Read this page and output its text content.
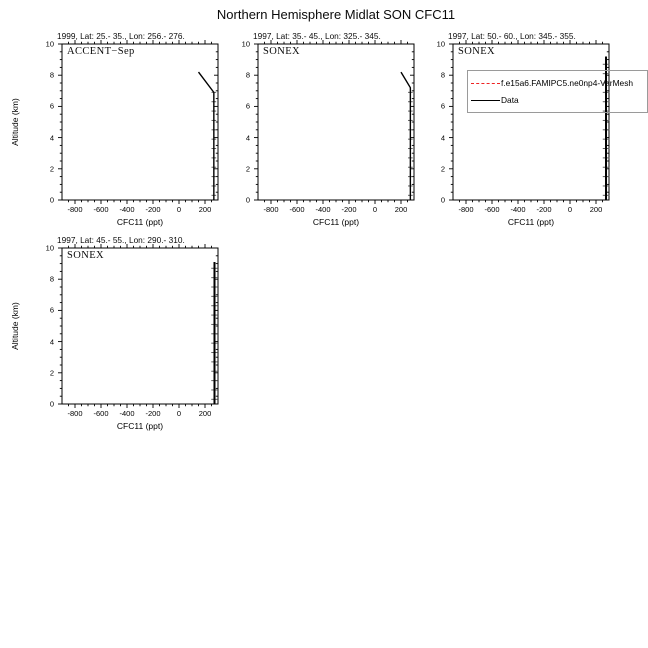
Northern Hemisphere Midlat SON CFC11
1999, Lat: 25.- 35., Lon: 256.- 276.
ACCENT−Sep
10
8
6
4
2
0
-800	-600	-400	-200	0	200
CFC11 (ppt)
Altitude (km)
1997, Lat: 35.- 45., Lon: 325.- 345.
SONEX
10
8
6
4
2
0
-800	-600	-400	-200	0	200
CFC11 (ppt)
1997, Lat: 50.- 60., Lon: 345.- 355.
SONEX
10
8
6
4
2
0
-800	-600	-400	-200	0	200
CFC11 (ppt)
1997, Lat: 45.- 55., Lon: 290.- 310.
SONEX
10
8
6
4
2
0
-800	-600	-400	-200	0	200
CFC11 (ppt)
Altitude (km)
f.e15a6.FAMIPC5.ne0np4-VarMesh
Data
